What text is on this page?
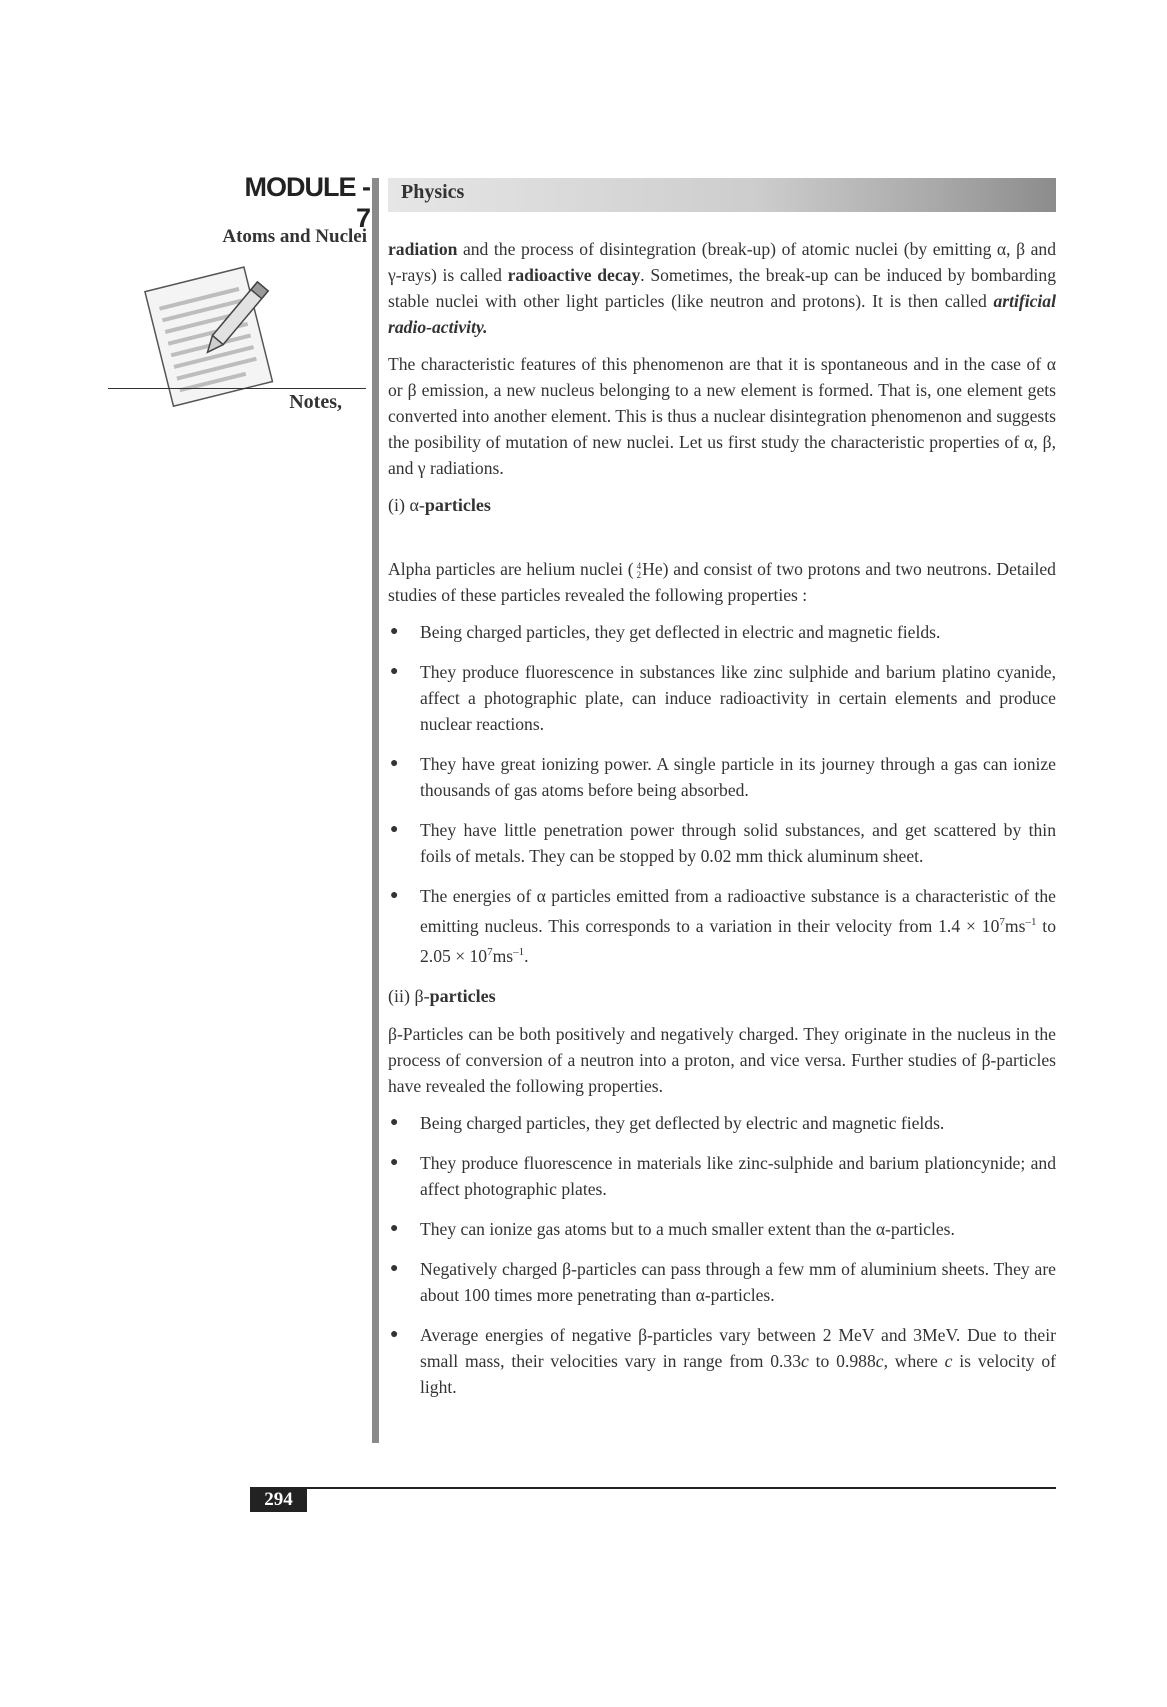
MODULE - 7
Atoms and Nuclei
Notes,
Physics

radiation and the process of disintegration (break-up) of atomic nuclei (by emitting α, β and γ-rays) is called radioactive decay. Sometimes, the break-up can be induced by bombarding stable nuclei with other light particles (like neutron and protons). It is then called artificial radio-activity.

The characteristic features of this phenomenon are that it is spontaneous and in the case of α or β emission, a new nucleus belonging to a new element is formed. That is, one element gets converted into another element. This is thus a nuclear disintegration phenomenon and suggests the posibility of mutation of new nuclei. Let us first study the characteristic properties of α, β, and γ radiations.

(i) α-particles

Alpha particles are helium nuclei ( 4
2He) and consist of two protons and two neutrons. Detailed studies of these particles revealed the following properties :

● Being charged particles, they get deflected in electric and magnetic fields.
● They produce fluorescence in substances like zinc sulphide and barium platino cyanide, affect a photographic plate, can induce radioactivity in certain elements and produce nuclear reactions.
● They have great ionizing power. A single particle in its journey through a gas can ionize thousands of gas atoms before being absorbed.
● They have little penetration power through solid substances, and get scattered by thin foils of metals. They can be stopped by 0.02 mm thick aluminum sheet.
● The energies of α particles emitted from a radioactive substance is a characteristic of the emitting nucleus. This corresponds to a variation in their velocity from $1.4 \times 10^7ms^{-1}$ to $2.05 \times 10^7ms^{-1}$.
(ii) β-particles

β-Particles can be both positively and negatively charged. They originate in the nucleus in the process of conversion of a neutron into a proton, and vice versa. Further studies of β-particles have revealed the following properties.

● Being charged particles, they get deflected by electric and magnetic fields.
● They produce fluorescence in materials like zinc-sulphide and barium plationcynide; and affect photographic plates.
● They can ionize gas atoms but to a much smaller extent than the α-particles.
● Negatively charged β-particles can pass through a few mm of aluminium sheets. They are about 100 times more penetrating than α-particles.
● Average energies of negative β-particles vary between 2 MeV and 3MeV. Due to their small mass, their velocities vary in range from 0.33c to 0.988c, where c is velocity of light.
294
